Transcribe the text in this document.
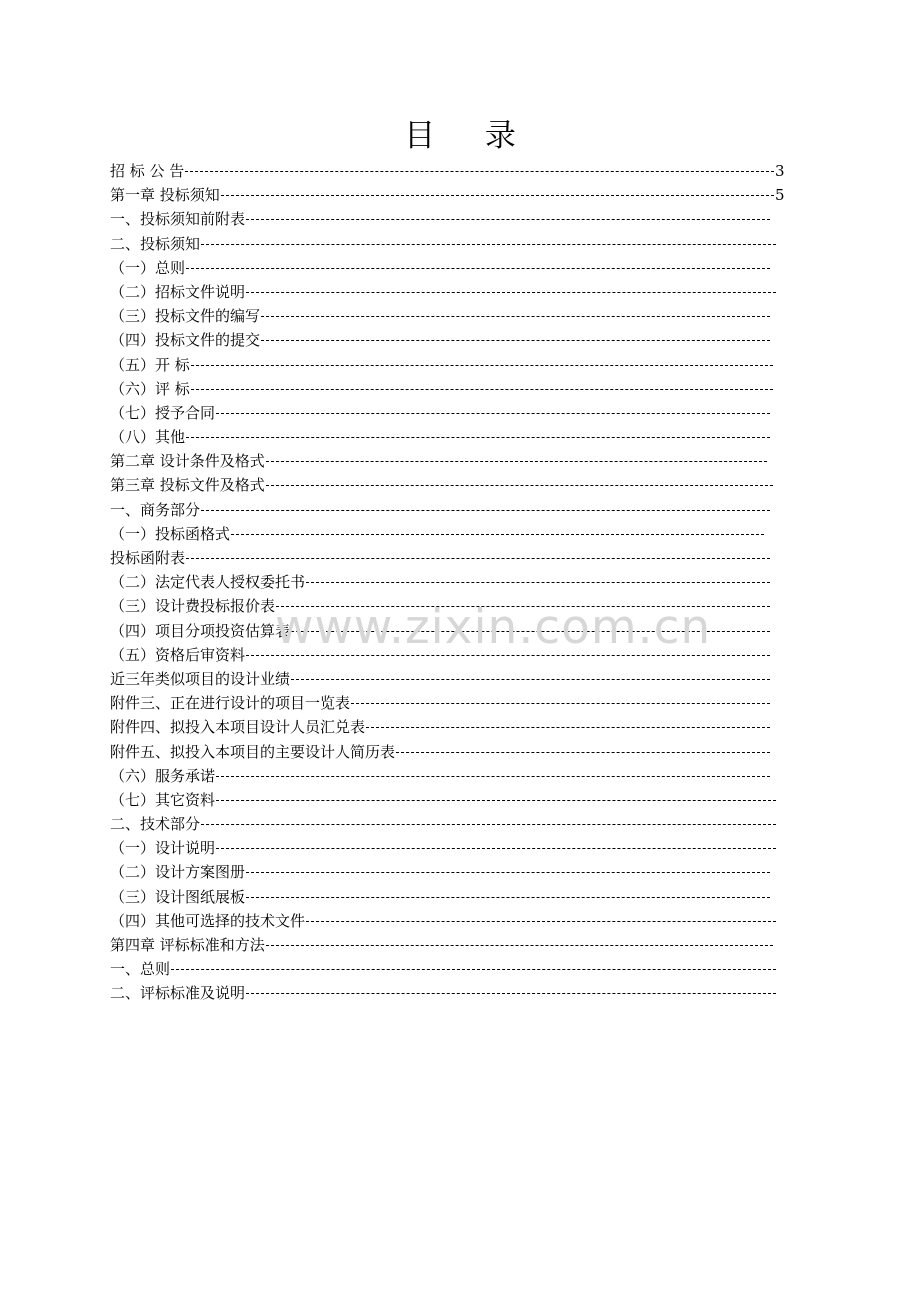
目 录
招 标 公 告	3
第一章 投标须知	5
一、投标须知前附表
二、投标须知
（一）总则
（二）招标文件说明
（三）投标文件的编写
（四）投标文件的提交
（五）开 标
（六）评 标
（七）授予合同
（八）其他
第二章 设计条件及格式
第三章 投标文件及格式
一、商务部分
（一）投标函格式
投标函附表
（二）法定代表人授权委托书
（三）设计费投标报价表
（四）项目分项投资估算表
（五）资格后审资料
近三年类似项目的设计业绩
附件三、正在进行设计的项目一览表
附件四、拟投入本项目设计人员汇兑表
附件五、拟投入本项目的主要设计人简历表
（六）服务承诺
（七）其它资料
二、技术部分
（一）设计说明
（二）设计方案图册
（三）设计图纸展板
（四）其他可选择的技术文件
第四章 评标标准和方法
一、总则
二、评标标准及说明
www.zixin.com.cn
